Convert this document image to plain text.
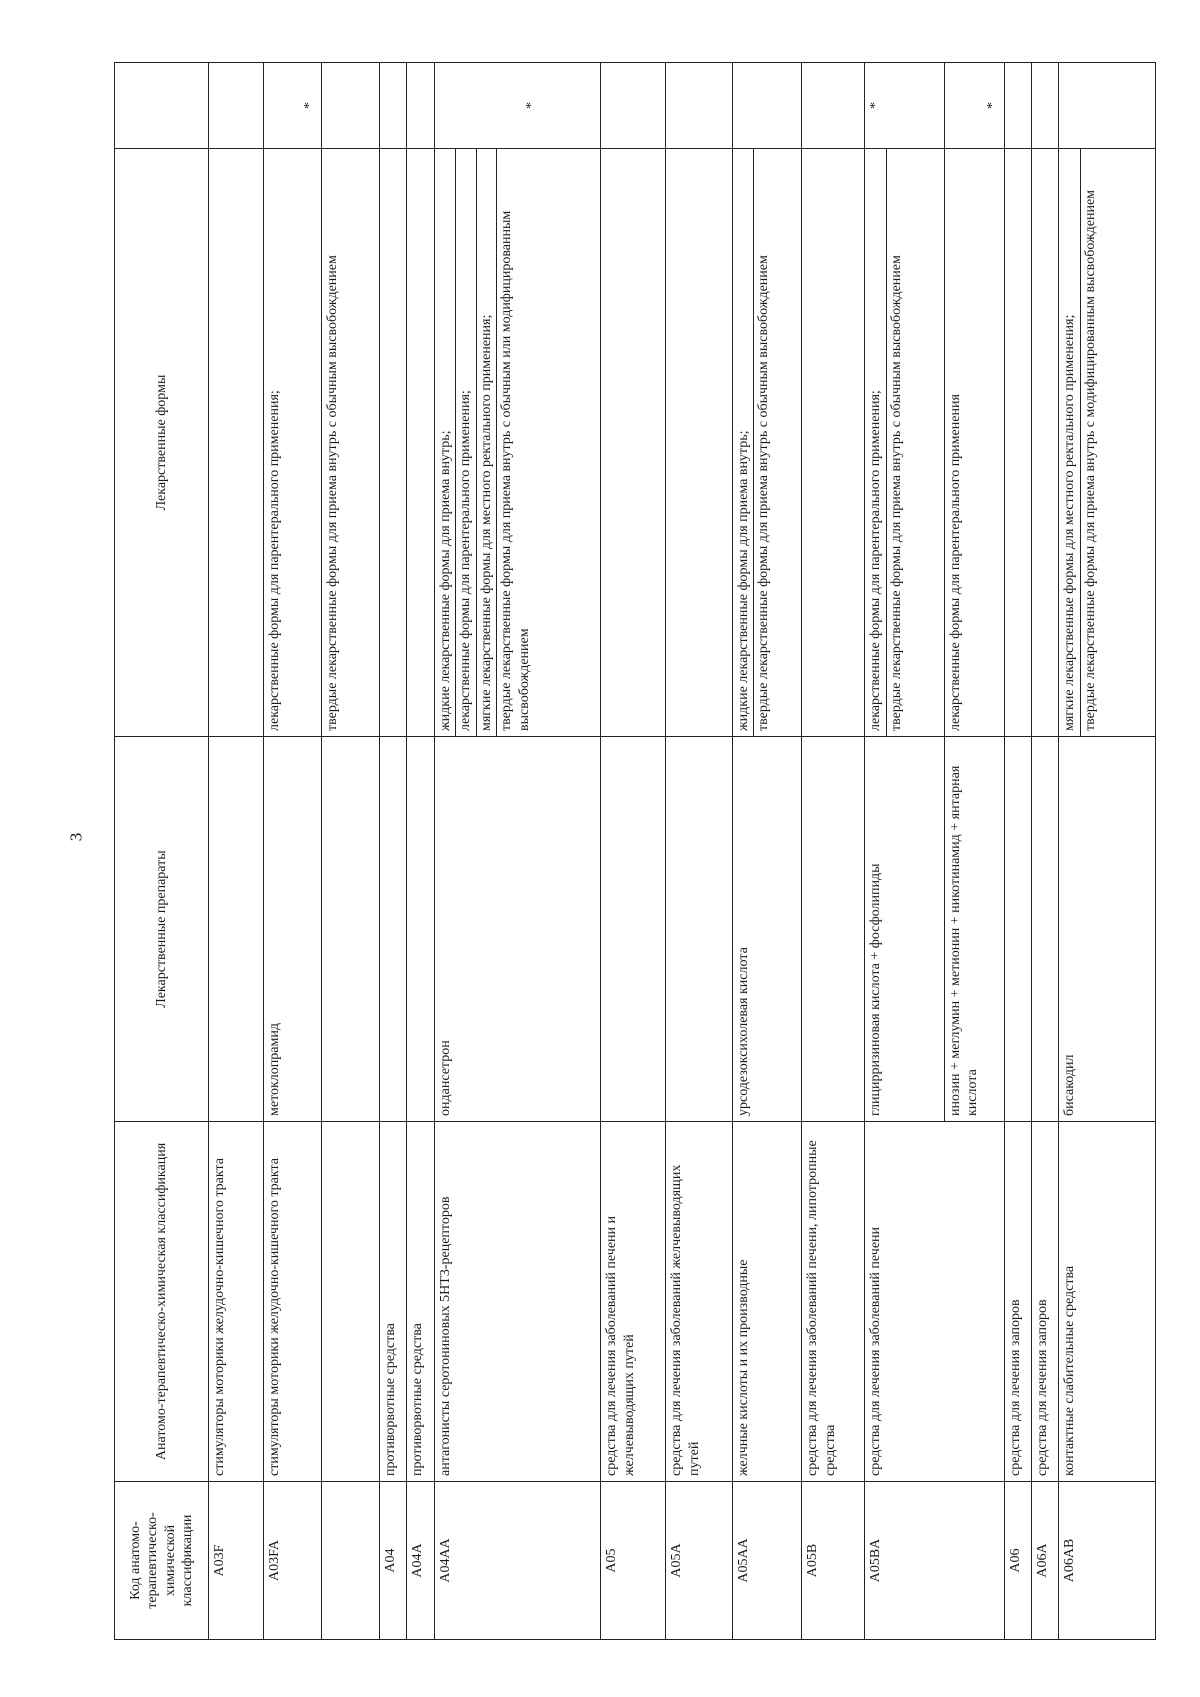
3
Код анатомо-терапевтическо-химической классификации	Анатомо-терапевтическо-химическая классификация	Лекарственные препараты	Лекарственные формы	
A03F	стимуляторы моторики желудочно-кишечного тракта			
A03FA	стимуляторы моторики желудочно-кишечного тракта	метоклопрамид	лекарственные формы для парентерального применения;	*
			твердые лекарственные формы для приема внутрь с обычным высвобождением	
A04	противорвотные средства			
A04A	противорвотные средства			
A04AA	антагонисты серотониновых 5HT3-рецепторов	ондансетрон	жидкие лекарственные формы для приема внутрь; лекарственные формы для парентерального применения; мягкие лекарственные формы для местного ректального применения; твердые лекарственные формы для приема внутрь с обычным или модифицированным высвобождением	*
A05	средства для лечения заболеваний печени и желчевыводящих путей			
A05A	средства для лечения заболеваний желчевыводящих путей			
A05AA	желчные кислоты и их производные	урсодезоксихолевая кислота	жидкие лекарственные формы для приема внутрь; твердые лекарственные формы для приема внутрь с обычным высвобождением	

A05B	средства для лечения заболеваний печени, липотропные средства			
A05BA	средства для лечения заболеваний печени	глицирризиновая кислота + фосфолипиды	лекарственные формы для парентерального применения; твердые лекарственные формы для приема внутрь с обычным высвобождением	*
		инозин + меглумин + метионин + никотинамид + янтарная кислота	лекарственные формы для парентерального применения	*
A06	средства для лечения запоров			
A06A	средства для лечения запоров			
A06AB	контактные слабительные средства	бисакодил	мягкие лекарственные формы для местного ректального применения; твердые лекарственные формы для приема внутрь с модифицированным высвобождением	
